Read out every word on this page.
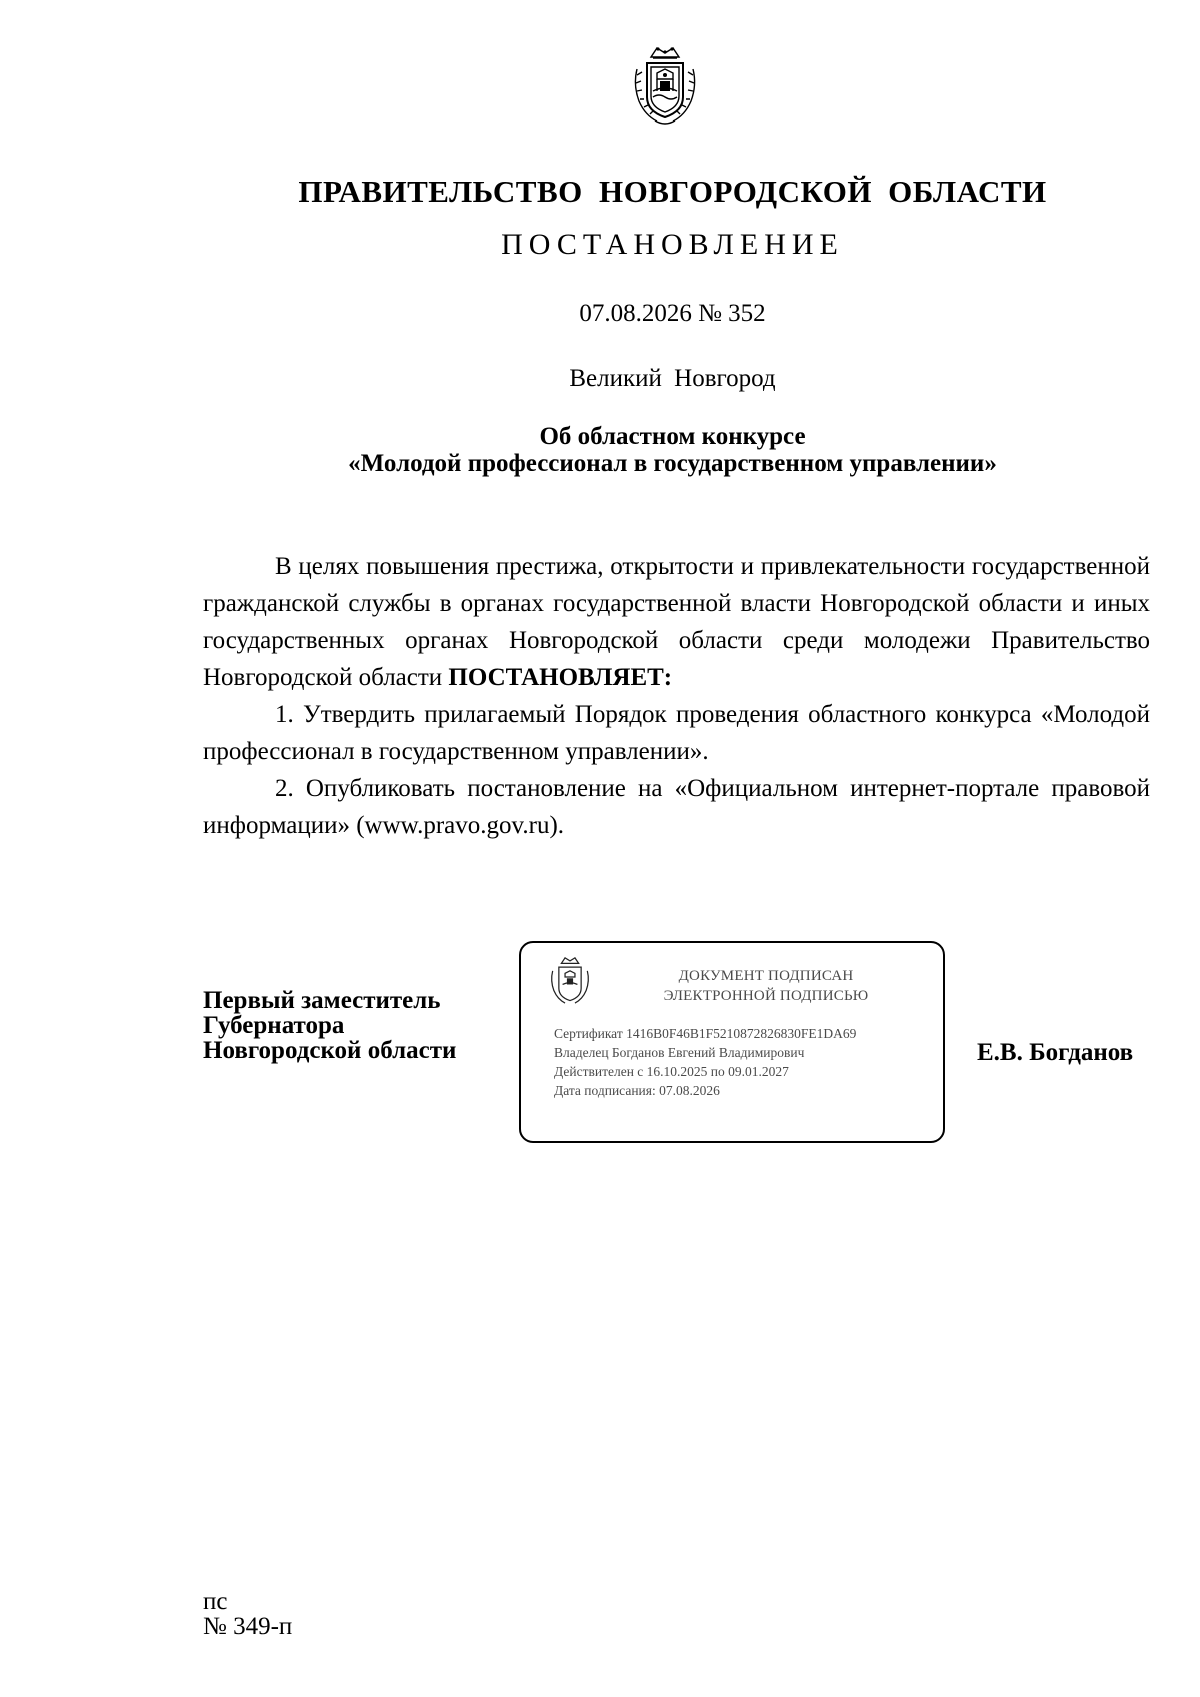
ПРАВИТЕЛЬСТВО НОВГОРОДСКОЙ ОБЛАСТИ
ПОСТАНОВЛЕНИЕ
07.08.2026 № 352
Великий Новгород
Об областном конкурсе
«Молодой профессионал в государственном управлении»

В целях повышения престижа, открытости и привлекательности государственной гражданской службы в органах государственной власти Новгородской области и иных государственных органах Новгородской области среди молодежи Правительство Новгородской области ПОСТАНОВЛЯЕТ:

1. Утвердить прилагаемый Порядок проведения областного конкурса «Молодой профессионал в государственном управлении».

2. Опубликовать постановление на «Официальном интернет-портале правовой информации» (www.pravo.gov.ru).

Первый заместитель
Губернатора
Новгородской области
ДОКУМЕНТ ПОДПИСАН
ЭЛЕКТРОННОЙ ПОДПИСЬЮ
Сертификат 1416B0F46B1F5210872826830FE1DA69
Владелец Богданов Евгений Владимирович
Действителен с 16.10.2025 по 09.01.2027
Дата подписания: 07.08.2026
Е.В. Богданов
пс
№ 349-п
